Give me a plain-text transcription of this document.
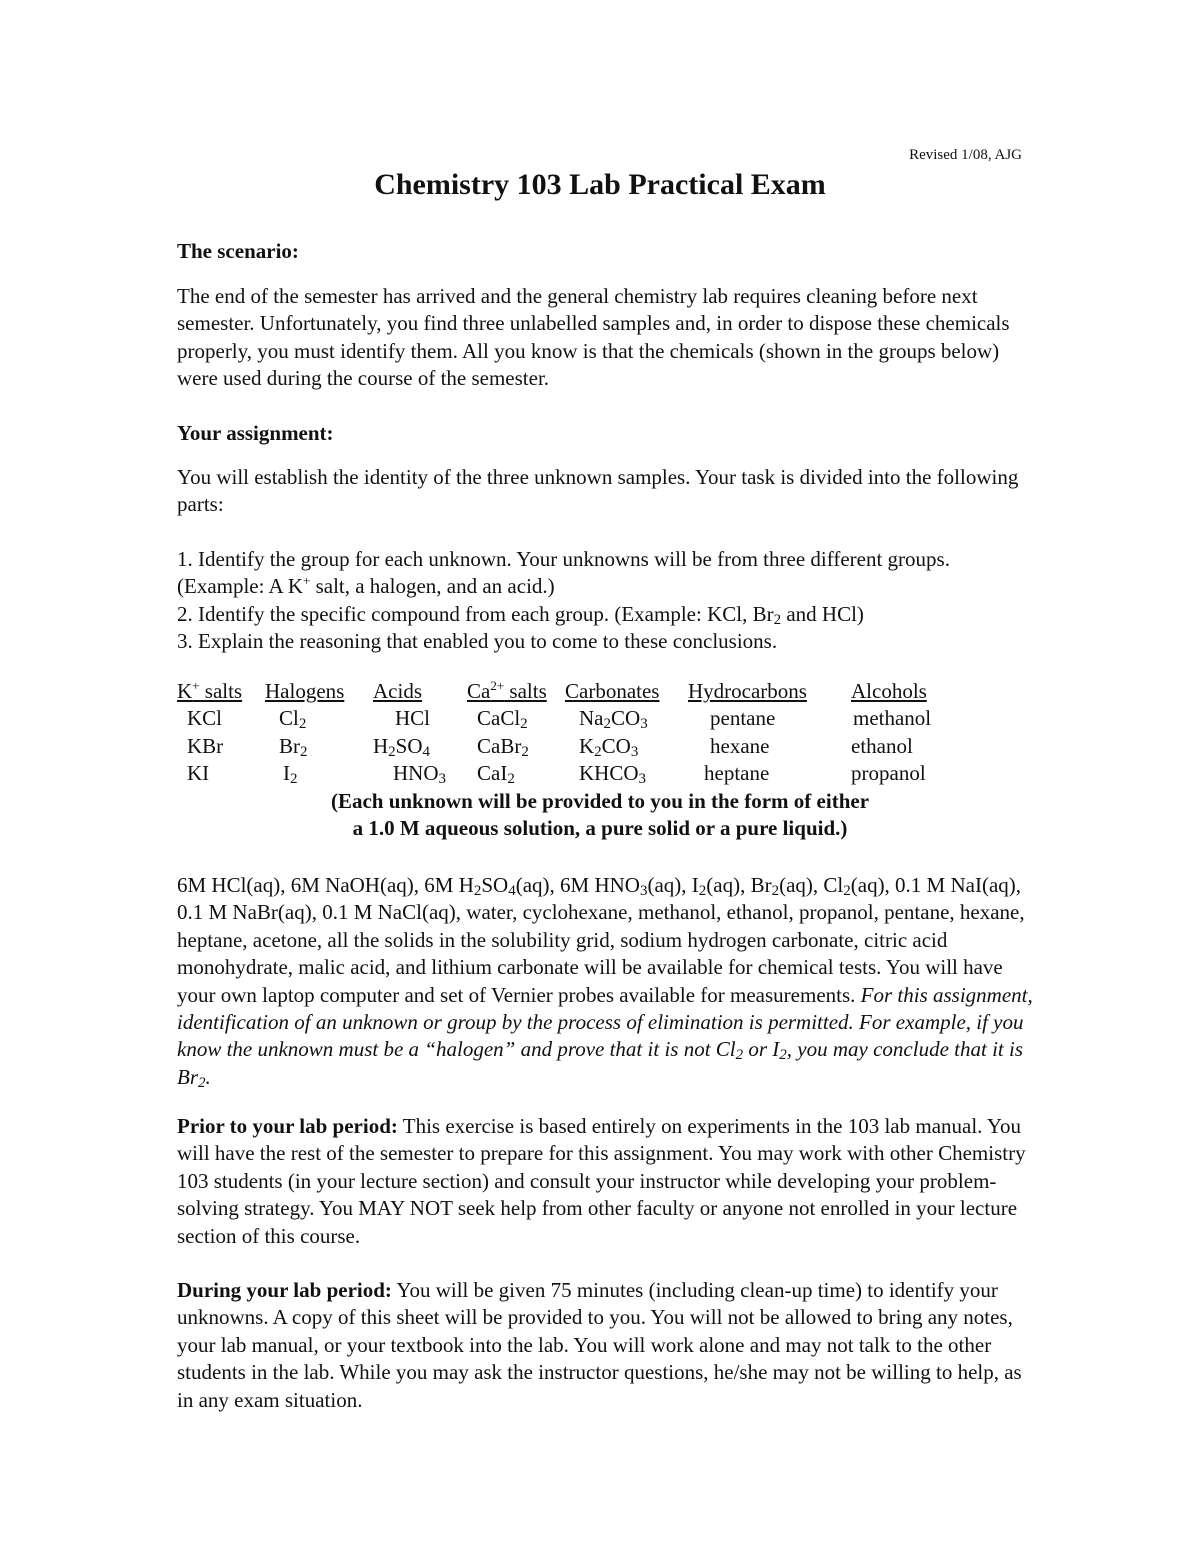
Revised 1/08, AJG
Chemistry 103 Lab Practical Exam
The scenario:

The end of the semester has arrived and the general chemistry lab requires cleaning before next semester. Unfortunately, you find three unlabelled samples and, in order to dispose these chemicals properly, you must identify them. All you know is that the chemicals (shown in the groups below) were used during the course of the semester.

Your assignment:

You will establish the identity of the three unknown samples. Your task is divided into the following parts:

1. Identify the group for each unknown. Your unknowns will be from three different groups. (Example: A K+ salt, a halogen, and an acid.)

2. Identify the specific compound from each group. (Example: KCl, $Br_2$ and HCl)

3. Explain the reasoning that enabled you to come to these conclusions.

K+ salts	Halogens	Acids	$Ca^{2+}$ salts	Carbonates	Hydrocarbons	Alcohols
KCl	$Cl_2$	HCl	CaCl$_2$	$Na_2CO_3$	pentane	methanol
KBr	$Br_2$	$H_2SO_4$	CaBr$_2$	$K_2CO_3$	hexane	ethanol
KI	$I_2$	$HNO_3$	CaI$_2$	$KHCO_3$	heptane	propanol

(Each unknown will be provided to you in the form of either

a 1.0 M aqueous solution, a pure solid or a pure liquid.)

6M HCl(aq), 6M NaOH(aq), 6M $H_2SO_4(aq)$, 6M $HNO_3(aq)$, $I_2(aq)$, $Br_2(aq)$, $Cl_2(aq)$, 0.1 M NaI(aq), 0.1 M NaBr(aq), 0.1 M NaCl(aq), water, cyclohexane, methanol, ethanol, propanol, pentane, hexane, heptane, acetone, all the solids in the solubility grid, sodium hydrogen carbonate, citric acid monohydrate, malic acid, and lithium carbonate will be available for chemical tests. You will have your own laptop computer and set of Vernier probes available for measurements. For this assignment, identification of an unknown or group by the process of elimination is permitted. For example, if you know the unknown must be a “halogen” and prove that it is not $Cl_2$ or $I_2$, you may conclude that it is $Br_2$.

Prior to your lab period: This exercise is based entirely on experiments in the 103 lab manual. You will have the rest of the semester to prepare for this assignment. You may work with other Chemistry 103 students (in your lecture section) and consult your instructor while developing your problem-solving strategy. You MAY NOT seek help from other faculty or anyone not enrolled in your lecture section of this course.

During your lab period: You will be given 75 minutes (including clean-up time) to identify your unknowns. A copy of this sheet will be provided to you. You will not be allowed to bring any notes, your lab manual, or your textbook into the lab. You will work alone and may not talk to the other students in the lab. While you may ask the instructor questions, he/she may not be willing to help, as in any exam situation.
